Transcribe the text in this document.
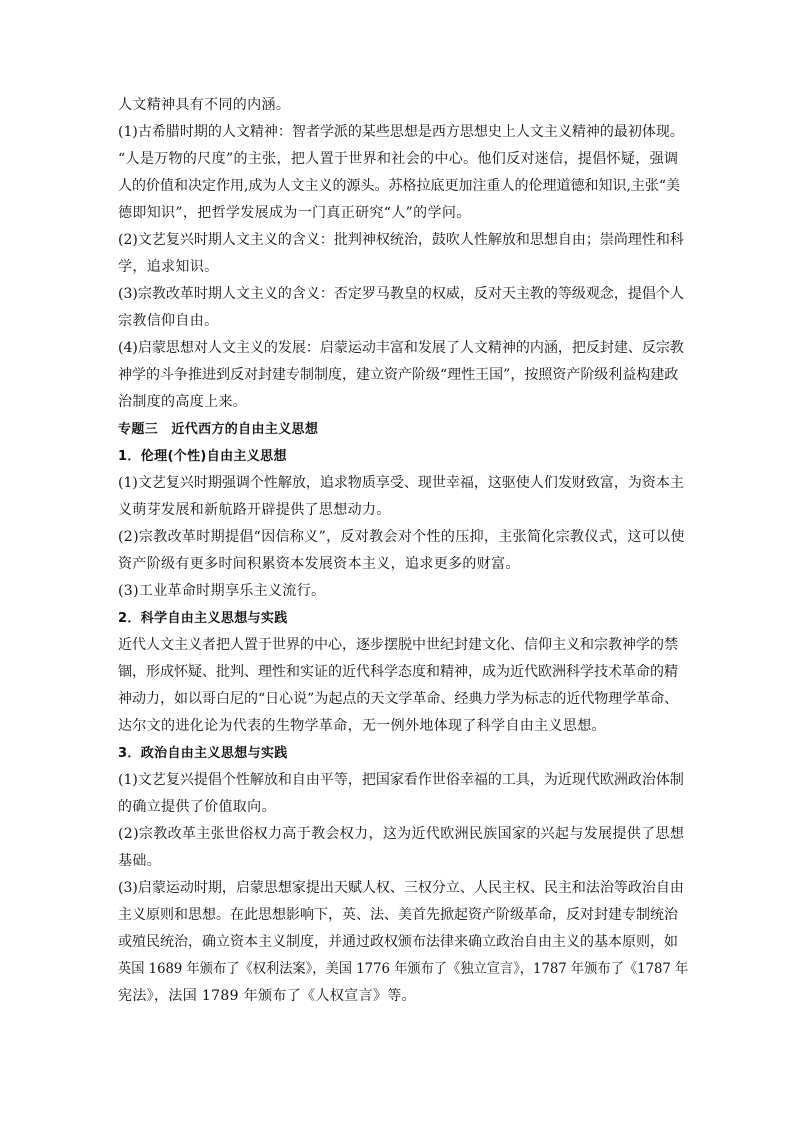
人文精神具有不同的内涵。
(1)古希腊时期的人文精神：智者学派的某些思想是西方思想史上人文主义精神的最初体现。
“人是万物的尺度”的主张，把人置于世界和社会的中心。他们反对迷信，提倡怀疑，强调
人的价值和决定作用,成为人文主义的源头。苏格拉底更加注重人的伦理道德和知识,主张“美
德即知识”，把哲学发展成为一门真正研究“人”的学问。
(2)文艺复兴时期人文主义的含义：批判神权统治，鼓吹人性解放和思想自由；崇尚理性和科
学，追求知识。
(3)宗教改革时期人文主义的含义：否定罗马教皇的权威，反对天主教的等级观念，提倡个人
宗教信仰自由。
(4)启蒙思想对人文主义的发展：启蒙运动丰富和发展了人文精神的内涵，把反封建、反宗教
神学的斗争推进到反对封建专制制度，建立资产阶级“理性王国”，按照资产阶级利益构建政
治制度的高度上来。
专题三　近代西方的自由主义思想
1．伦理(个性)自由主义思想
(1)文艺复兴时期强调个性解放，追求物质享受、现世幸福，这驱使人们发财致富，为资本主
义萌芽发展和新航路开辟提供了思想动力。
(2)宗教改革时期提倡“因信称义”，反对教会对个性的压抑，主张简化宗教仪式，这可以使
资产阶级有更多时间积累资本发展资本主义，追求更多的财富。
(3)工业革命时期享乐主义流行。
2．科学自由主义思想与实践
近代人文主义者把人置于世界的中心，逐步摆脱中世纪封建文化、信仰主义和宗教神学的禁
锢，形成怀疑、批判、理性和实证的近代科学态度和精神，成为近代欧洲科学技术革命的精
神动力，如以哥白尼的“日心说”为起点的天文学革命、经典力学为标志的近代物理学革命、
达尔文的进化论为代表的生物学革命，无一例外地体现了科学自由主义思想。
3．政治自由主义思想与实践
(1)文艺复兴提倡个性解放和自由平等，把国家看作世俗幸福的工具，为近现代欧洲政治体制
的确立提供了价值取向。
(2)宗教改革主张世俗权力高于教会权力，这为近代欧洲民族国家的兴起与发展提供了思想
基础。
(3)启蒙运动时期，启蒙思想家提出天赋人权、三权分立、人民主权、民主和法治等政治自由
主义原则和思想。在此思想影响下，英、法、美首先掀起资产阶级革命，反对封建专制统治
或殖民统治，确立资本主义制度，并通过政权颁布法律来确立政治自由主义的基本原则，如
英国 1689 年颁布了《权利法案》，美国 1776 年颁布了《独立宣言》，1787 年颁布了《1787 年
宪法》，法国 1789 年颁布了《人权宣言》等。
